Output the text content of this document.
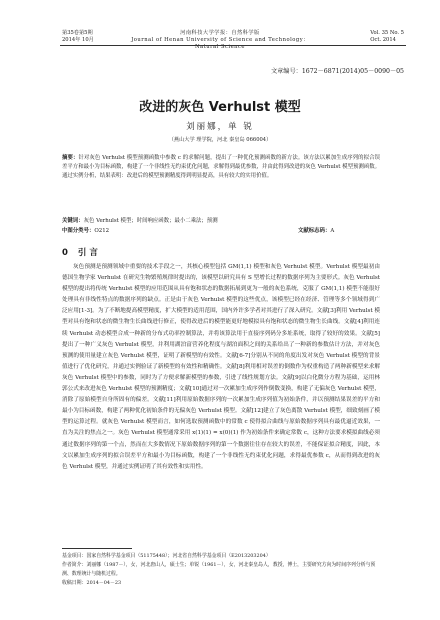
第35卷第5期
2014年 10月
河南科技大学学报：自然科学版
Journal of Henan University of Science and Technology：Natural Science
Vol. 35 No. 5
Oct. 2014
文章编号：1672－6871(2014)05－0090－05
改进的灰色 Verhulst 模型
刘丽娜，单 锐
（燕山大学 理学院，河北 秦皇岛 066004）
摘要：针对灰色 Verhulst 模型预测函数中参数 c 的求解问题，提出了一种优化预测函数的新方法。该方法以累加生成序列的拟合误差平方和最小为目标函数，构建了一个非线性无约束优化问题，求解得到最优参数，并由此得到改进的灰色 Verhulst 模型预测函数。通过实例分析，结果表明：改进后的模型预测精度得到明显提高，具有较大的实用价值。
关键词：灰色 Verhulst 模型；时间响应函数；最小二乘法；预测
中图分类号：O212	文献标志码：A
0 引 言
灰色预测是预测领域中重要的技术手段之一，其核心模型包括 GM(1,1) 模型和灰色 Verhulst 模型。Verhulst 模型最初由德国生物学家 Verhulst 在研究生物繁殖规律时提出的，该模型以研究具有 S 型增长过程的数据序列为主要形式。灰色 Verhulst 模型的提出将传统 Verhulst 模型的应用范围从具有饱和状态的数据拓展到更为一般的灰色系统，克服了 GM(1,1) 模型不能很好处理具有非线性特点的数据序列的缺点。正是由于灰色 Verhulst 模型的这些优点，该模型已经在经济、管理等多个领域得到广泛应用[1-3]。为了不断地提高模型精度，扩大模型的适用范围，国内外许多学者对其进行了深入研究。文献[3]利用 Verhulst 模型对具有饱和状态的微生物生长曲线进行修正，使得改进后的模型能更好地模拟具有饱和状态的微生物生长曲线。文献[4]利用连续 Verhulst 动态模型合成一种新的分布式功率控制算法，并将该算法用于直接序列码分多址系统，取得了较好的效果。文献[5]提出了一种广义灰色 Verhulst 模型，并利用湖泊富营养化程度与湖泊面积之间的关系给出了一种新的参数估计方法，并对灰色预测的使用量建立灰色 Verhulst 模型，证明了新模型的有效性。文献[6-7]分别从不同的角度出发对灰色 Verhulst 模型的背景值进行了优化研究，并通过实例验证了新模型的有效性和精确性。文献[8]利用相对误差的倒数作为权重构造了两种新模型来求解灰色 Verhulst 模型中的参数，同时为了方便求解新模型的参数，引进了线性规划方法。文献[9]以白化微分方程为基础，运用林郭公式来改进灰色 Verhulst 模型的预测精度；文献[10]通过对一次累加生成序列作倒数变换，构建了无偏灰色 Verhulst 模型，消除了原始模型自身所固有的偏差。文献[11]利用原始数据序列的一次累加生成序列值为初始条件，并以预测结果误差的平方和最小为目标函数，构建了两种优化初始条件的无偏灰色 Verhulst 模型。文献[12]建立了灰色离散 Verhulst 模型，细致刻画了模型的运算过程。就灰色 Verhulst 模型而言，如何选取预测函数中的常数 c 使得拟合曲线与原始数据序列具有最优逼近效果，一直为关注的焦点之一。灰色 Verhulst 模型通常采用 x(1)(1) = x(0)(1) 作为初始条件来确定常数 c，这种方法要求模拟曲线必须通过数据序列的第一个点，然而在大多数情况下原始数据序列的第一个数据往往存在较大的误差，不能保证拟合精度，因此，本文以累加生成序列的拟合误差平方和最小为目标函数，构建了一个非线性无约束优化问题，求得最优参数 c，从而得到改进的灰色 Verhulst 模型，并通过实例证明了其有效性和实用性。
基金项目：国家自然科学基金项目（51175448）；河北省自然科学基金项目（E2013203204）
作者简介：刘丽娜（1987－），女，河北唐山人，硕士生；单锐（1961－），女，河北秦皇岛人，教授，博士，主要研究方向为时间序列分析与预测、数理统计与随机过程。
收稿日期：2014－04－23
